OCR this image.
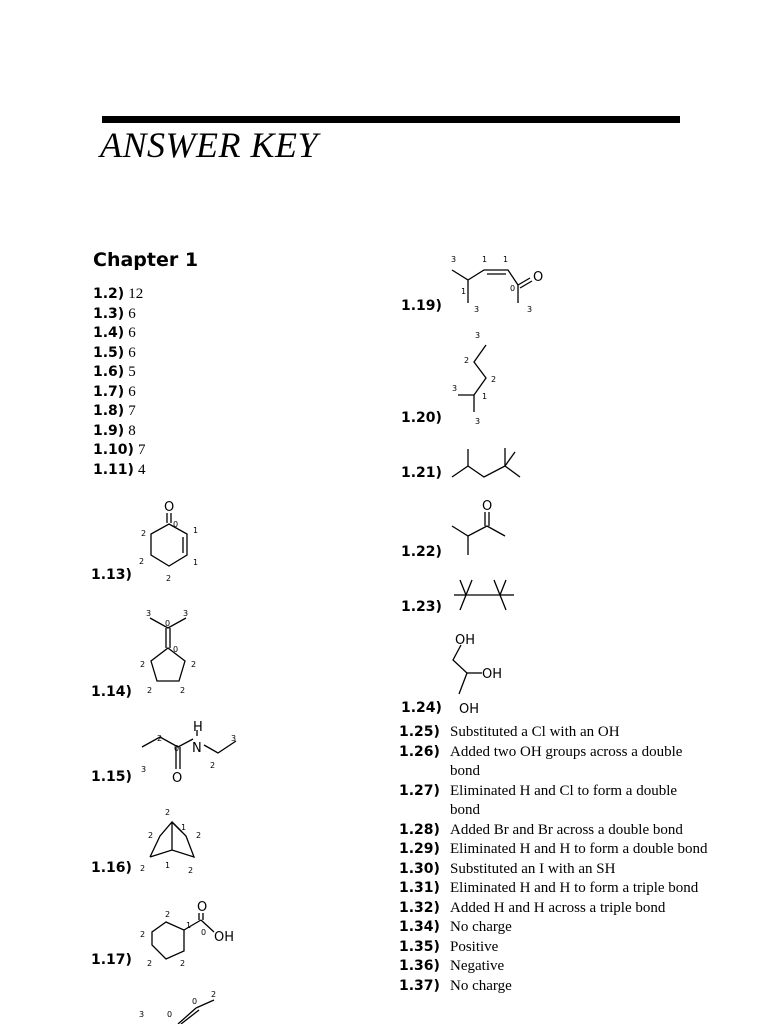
ANSWER KEY
Chapter 1
1.2) 12
1.3) 6
1.4) 6
1.5) 6
1.6) 5
1.7) 6
1.8) 7
1.9) 8
1.10) 7
1.11) 4
1.13)
O
2
0
1
2	1
2
1.14)
3	3
0
0
2	2
2	2
1.15)
H
N
O
2
0
3	2
3
1.16)
2
1
2	2
2 1
2
1.17)
O
OH
2
1
2	0
2	2
0
2
3	0
1.19)
O
3	1 1
1	0
3	3
1.20)
3
2
2
1
3
3
1.21)
1.22)
O
1.23)
1.24)
OH
OH
OH
1.25) Substituted a Cl with an OH
1.26) Added two OH groups across a double bond
1.27) Eliminated H and Cl to form a double bond
1.28) Added Br and Br across a double bond
1.29) Eliminated H and H to form a double bond
1.30) Substituted an I with an SH
1.31) Eliminated H and H to form a triple bond
1.32) Added H and H across a triple bond
1.34) No charge
1.35) Positive
1.36) Negative
1.37) No charge
